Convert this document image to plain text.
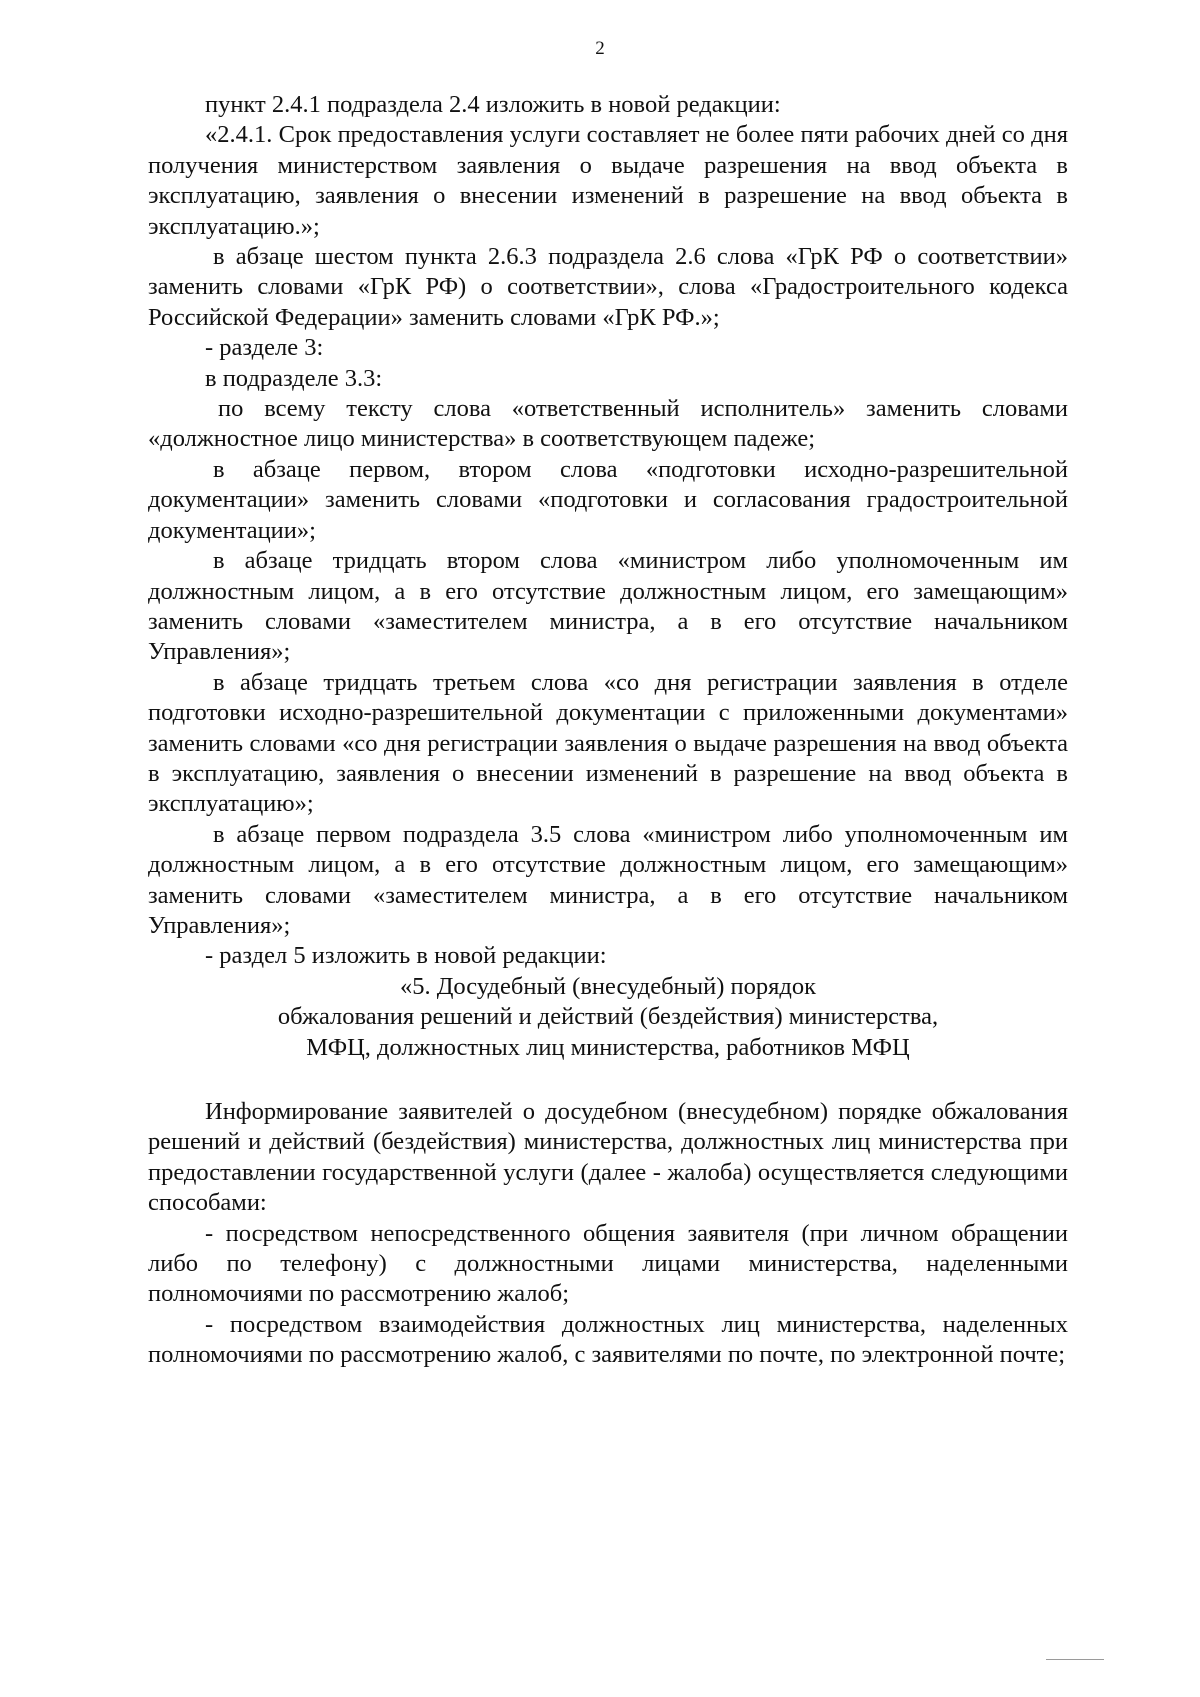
2

пункт 2.4.1 подраздела 2.4 изложить в новой редакции:

«2.4.1. Срок предоставления услуги составляет не более пяти рабочих дней со дня получения министерством заявления о выдаче разрешения на ввод объекта в эксплуатацию, заявления о внесении изменений в разрешение на ввод объекта в эксплуатацию.»;

в абзаце шестом пункта 2.6.3 подраздела 2.6 слова «ГрК РФ о соответствии» заменить словами «ГрК РФ) о соответствии», слова «Градостроительного кодекса Российской Федерации» заменить словами «ГрК РФ.»;

- разделе 3:

в подразделе 3.3:

по всему тексту слова «ответственный исполнитель» заменить словами «должностное лицо министерства» в соответствующем падеже;

в абзаце первом, втором слова «подготовки исходно-разрешительной документации» заменить словами «подготовки и согласования градостроительной документации»;

в абзаце тридцать втором слова «министром либо уполномоченным им должностным лицом, а в его отсутствие должностным лицом, его замещающим» заменить словами «заместителем министра, а в его отсутствие начальником Управления»;

в абзаце тридцать третьем слова «со дня регистрации заявления в отделе подготовки исходно-разрешительной документации с приложенными документами» заменить словами «со дня регистрации заявления о выдаче разрешения на ввод объекта в эксплуатацию, заявления о внесении изменений в разрешение на ввод объекта в эксплуатацию»;

в абзаце первом подраздела 3.5 слова «министром либо уполномоченным им должностным лицом, а в его отсутствие должностным лицом, его замещающим» заменить словами «заместителем министра, а в его отсутствие начальником Управления»;

- раздел 5 изложить в новой редакции:

«5. Досудебный (внесудебный) порядок

обжалования решений и действий (бездействия) министерства,

МФЦ, должностных лиц министерства, работников МФЦ

Информирование заявителей о досудебном (внесудебном) порядке обжалования решений и действий (бездействия) министерства, должностных лиц министерства при предоставлении государственной услуги (далее - жалоба) осуществляется следующими способами:

- посредством непосредственного общения заявителя (при личном обращении либо по телефону) с должностными лицами министерства, наделенными полномочиями по рассмотрению жалоб;

- посредством взаимодействия должностных лиц министерства, наделенных полномочиями по рассмотрению жалоб, с заявителями по почте, по электронной почте;
